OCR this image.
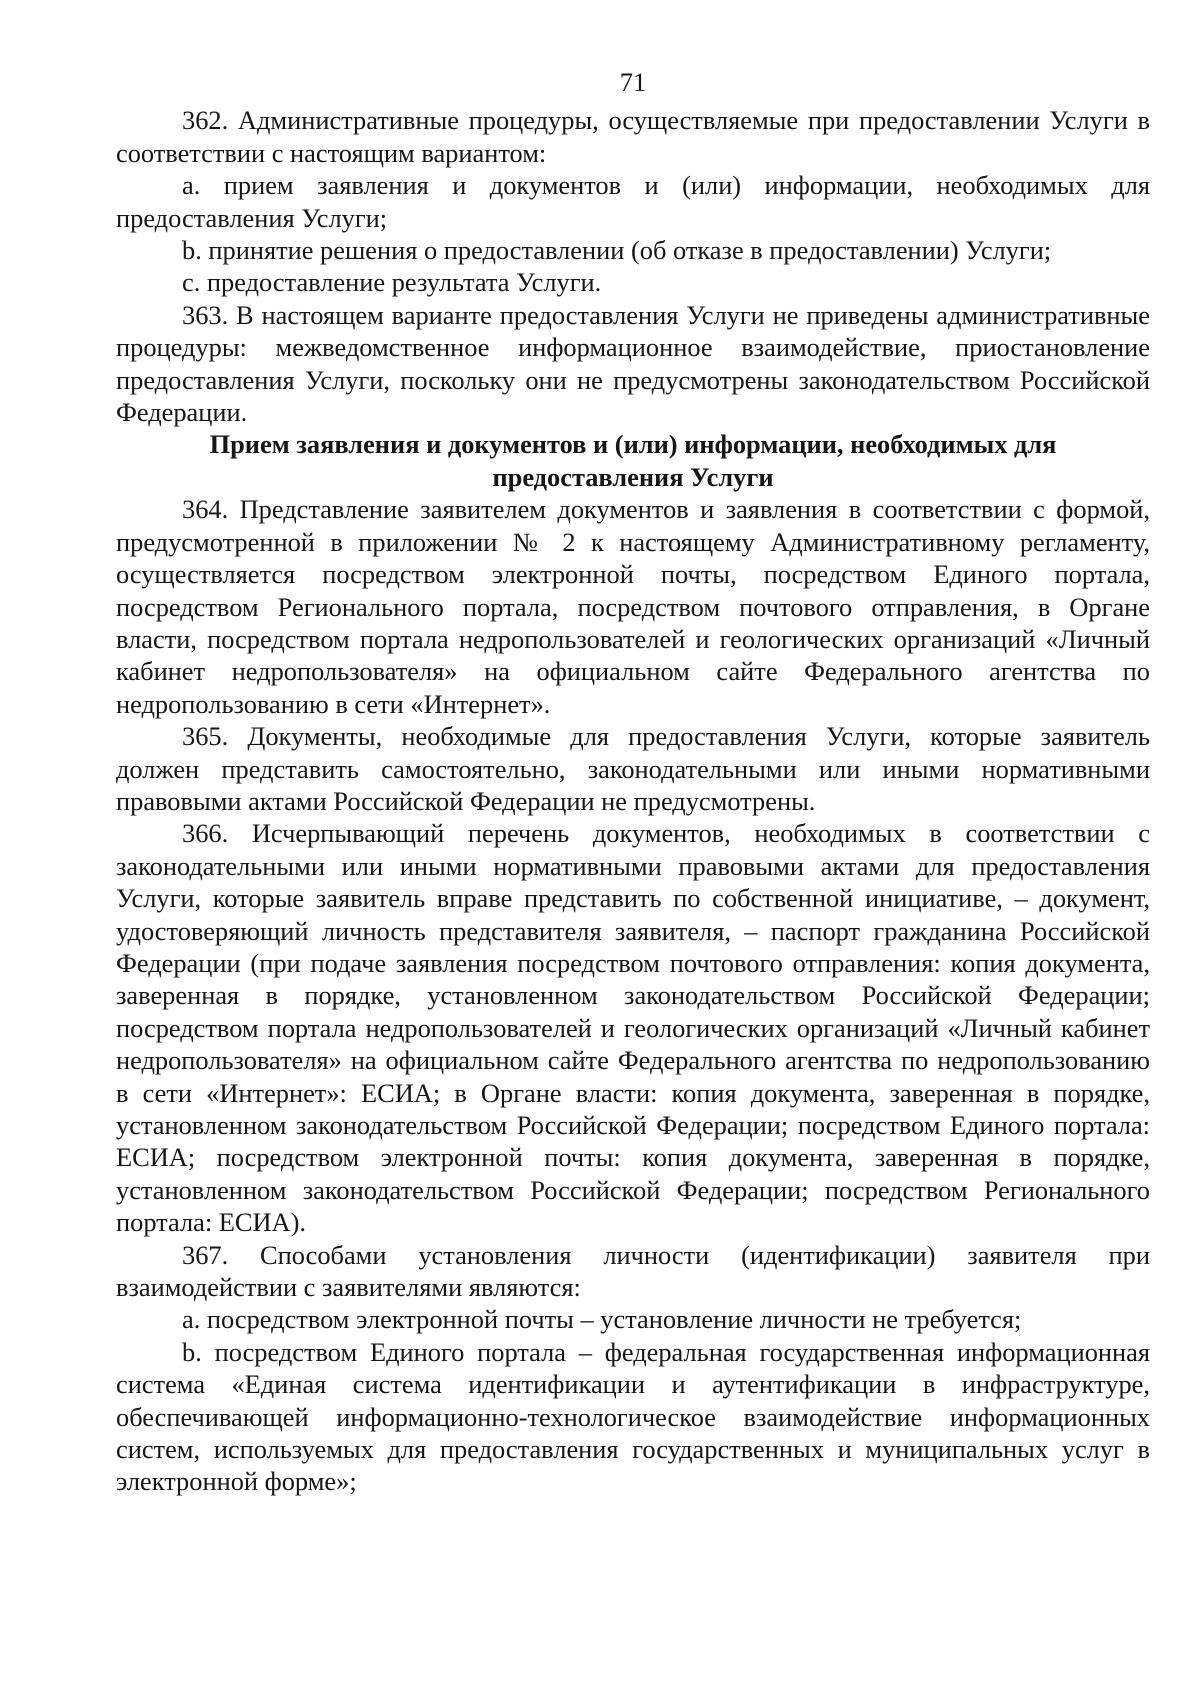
71

362. Административные процедуры, осуществляемые при предоставлении Услуги в соответствии с настоящим вариантом:

a. прием заявления и документов и (или) информации, необходимых для предоставления Услуги;

b. принятие решения о предоставлении (об отказе в предоставлении) Услуги;

c. предоставление результата Услуги.

363. В настоящем варианте предоставления Услуги не приведены административные процедуры: межведомственное информационное взаимодействие, приостановление предоставления Услуги, поскольку они не предусмотрены законодательством Российской Федерации.

Прием заявления и документов и (или) информации, необходимых для предоставления Услуги

364. Представление заявителем документов и заявления в соответствии с формой, предусмотренной в приложении № 2 к настоящему Административному регламенту, осуществляется посредством электронной почты, посредством Единого портала, посредством Регионального портала, посредством почтового отправления, в Органе власти, посредством портала недропользователей и геологических организаций «Личный кабинет недропользователя» на официальном сайте Федерального агентства по недропользованию в сети «Интернет».

365. Документы, необходимые для предоставления Услуги, которые заявитель должен представить самостоятельно, законодательными или иными нормативными правовыми актами Российской Федерации не предусмотрены.

366. Исчерпывающий перечень документов, необходимых в соответствии с законодательными или иными нормативными правовыми актами для предоставления Услуги, которые заявитель вправе представить по собственной инициативе, – документ, удостоверяющий личность представителя заявителя, – паспорт гражданина Российской Федерации (при подаче заявления посредством почтового отправления: копия документа, заверенная в порядке, установленном законодательством Российской Федерации; посредством портала недропользователей и геологических организаций «Личный кабинет недропользователя» на официальном сайте Федерального агентства по недропользованию в сети «Интернет»: ЕСИА; в Органе власти: копия документа, заверенная в порядке, установленном законодательством Российской Федерации; посредством Единого портала: ЕСИА; посредством электронной почты: копия документа, заверенная в порядке, установленном законодательством Российской Федерации; посредством Регионального портала: ЕСИА).

367. Способами установления личности (идентификации) заявителя при взаимодействии с заявителями являются:

a. посредством электронной почты – установление личности не требуется;

b. посредством Единого портала – федеральная государственная информационная система «Единая система идентификации и аутентификации в инфраструктуре, обеспечивающей информационно-технологическое взаимодействие информационных систем, используемых для предоставления государственных и муниципальных услуг в электронной форме»;
